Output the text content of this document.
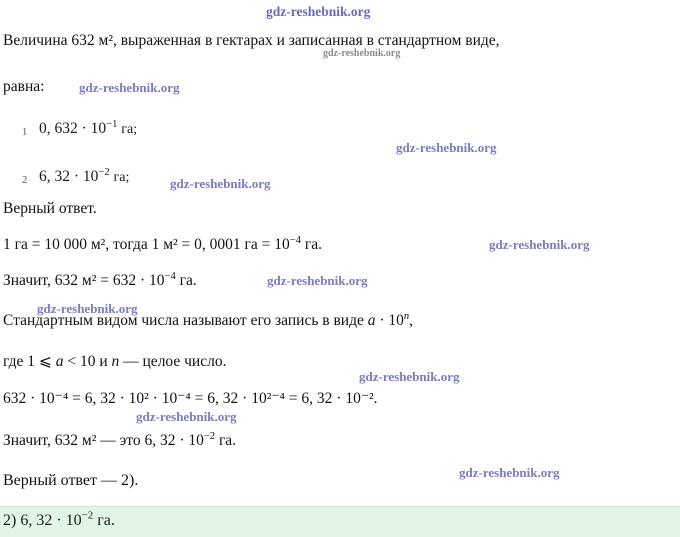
gdz-reshebnik.org
gdz-reshebnik.org
gdz-reshebnik.org
gdz-reshebnik.org
gdz-reshebnik.org
gdz-reshebnik.org
gdz-reshebnik.org
gdz-reshebnik.org
gdz-reshebnik.org
gdz-reshebnik.org
gdz-reshebnik.org
Величина 632 м², выраженная в гектарах и записанная в стандартном виде,
равна:
1 0, $632 \cdot 10^{-1}$ га;
2 6, $32 \cdot 10^{-2}$ га;
Верный ответ.
1 га = 10 000 м², тогда 1 м² = 0, 0001 га = $10^{-4}$ га.
Значит, 632 $м^2 = 632 \cdot 10^{-4}$ га.
Стандартным видом числа называют его запись в виде $a \cdot 10^n$,
где 1 ⩽ a < 10 и n — целое число.
632 · 10⁻⁴ = 6, 32 · 10² · 10⁻⁴ = 6, 32 · 10²⁻⁴ = 6, 32 · 10⁻².
Значит, 632 м² — это 6, $32 \cdot 10^{-2}$ га.
Верный ответ — 2).
2) 6, $32 \cdot 10^{-2}$ га.
